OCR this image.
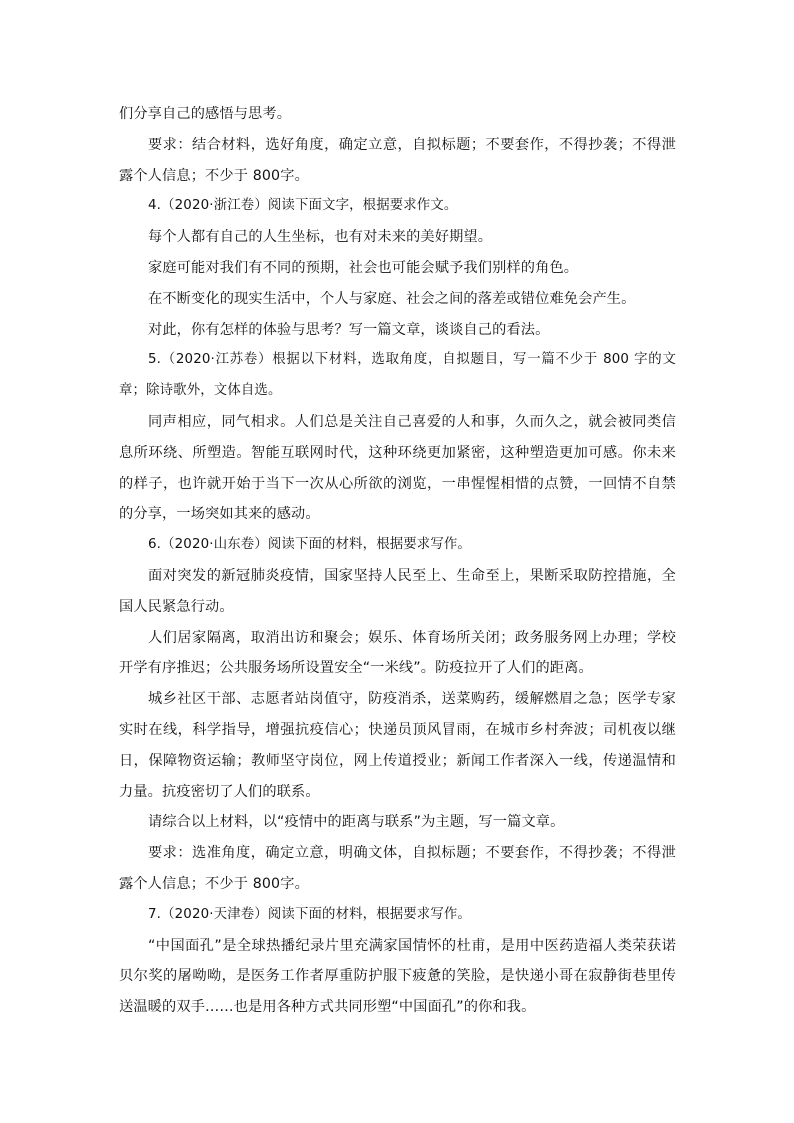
们分享自己的感悟与思考。

要求：结合材料，选好角度，确定立意，自拟标题；不要套作，不得抄袭；不得泄露个人信息；不少于 800字。

4.（2020·浙江卷）阅读下面文字，根据要求作文。

每个人都有自己的人生坐标，也有对未来的美好期望。

家庭可能对我们有不同的预期，社会也可能会赋予我们别样的角色。

在不断变化的现实生活中，个人与家庭、社会之间的落差或错位难免会产生。

对此，你有怎样的体验与思考？写一篇文章，谈谈自己的看法。

5.（2020·江苏卷）根据以下材料，选取角度，自拟题目，写一篇不少于 800 字的文章；除诗歌外，文体自选。

同声相应，同气相求。人们总是关注自己喜爱的人和事，久而久之，就会被同类信息所环绕、所塑造。智能互联网时代，这种环绕更加紧密，这种塑造更加可感。你未来的样子，也许就开始于当下一次从心所欲的浏览，一串惺惺相惜的点赞，一回情不自禁的分享，一场突如其来的感动。

6.（2020·山东卷）阅读下面的材料，根据要求写作。

面对突发的新冠肺炎疫情，国家坚持人民至上、生命至上，果断采取防控措施，全国人民紧急行动。

人们居家隔离，取消出访和聚会；娱乐、体育场所关闭；政务服务网上办理；学校开学有序推迟；公共服务场所设置安全“一米线”。防疫拉开了人们的距离。

城乡社区干部、志愿者站岗值守，防疫消杀，送菜购药，缓解燃眉之急；医学专家实时在线，科学指导，增强抗疫信心；快递员顶风冒雨，在城市乡村奔波；司机夜以继日，保障物资运输；教师坚守岗位，网上传道授业；新闻工作者深入一线，传递温情和力量。抗疫密切了人们的联系。

请综合以上材料，以“疫情中的距离与联系”为主题，写一篇文章。

要求：选准角度，确定立意，明确文体，自拟标题；不要套作，不得抄袭；不得泄露个人信息；不少于 800字。

7.（2020·天津卷）阅读下面的材料，根据要求写作。

“中国面孔”是全球热播纪录片里充满家国情怀的杜甫，是用中医药造福人类荣获诺贝尔奖的屠呦呦，是医务工作者厚重防护服下疲惫的笑脸，是快递小哥在寂静街巷里传送温暖的双手……也是用各种方式共同形塑“中国面孔”的你和我。
